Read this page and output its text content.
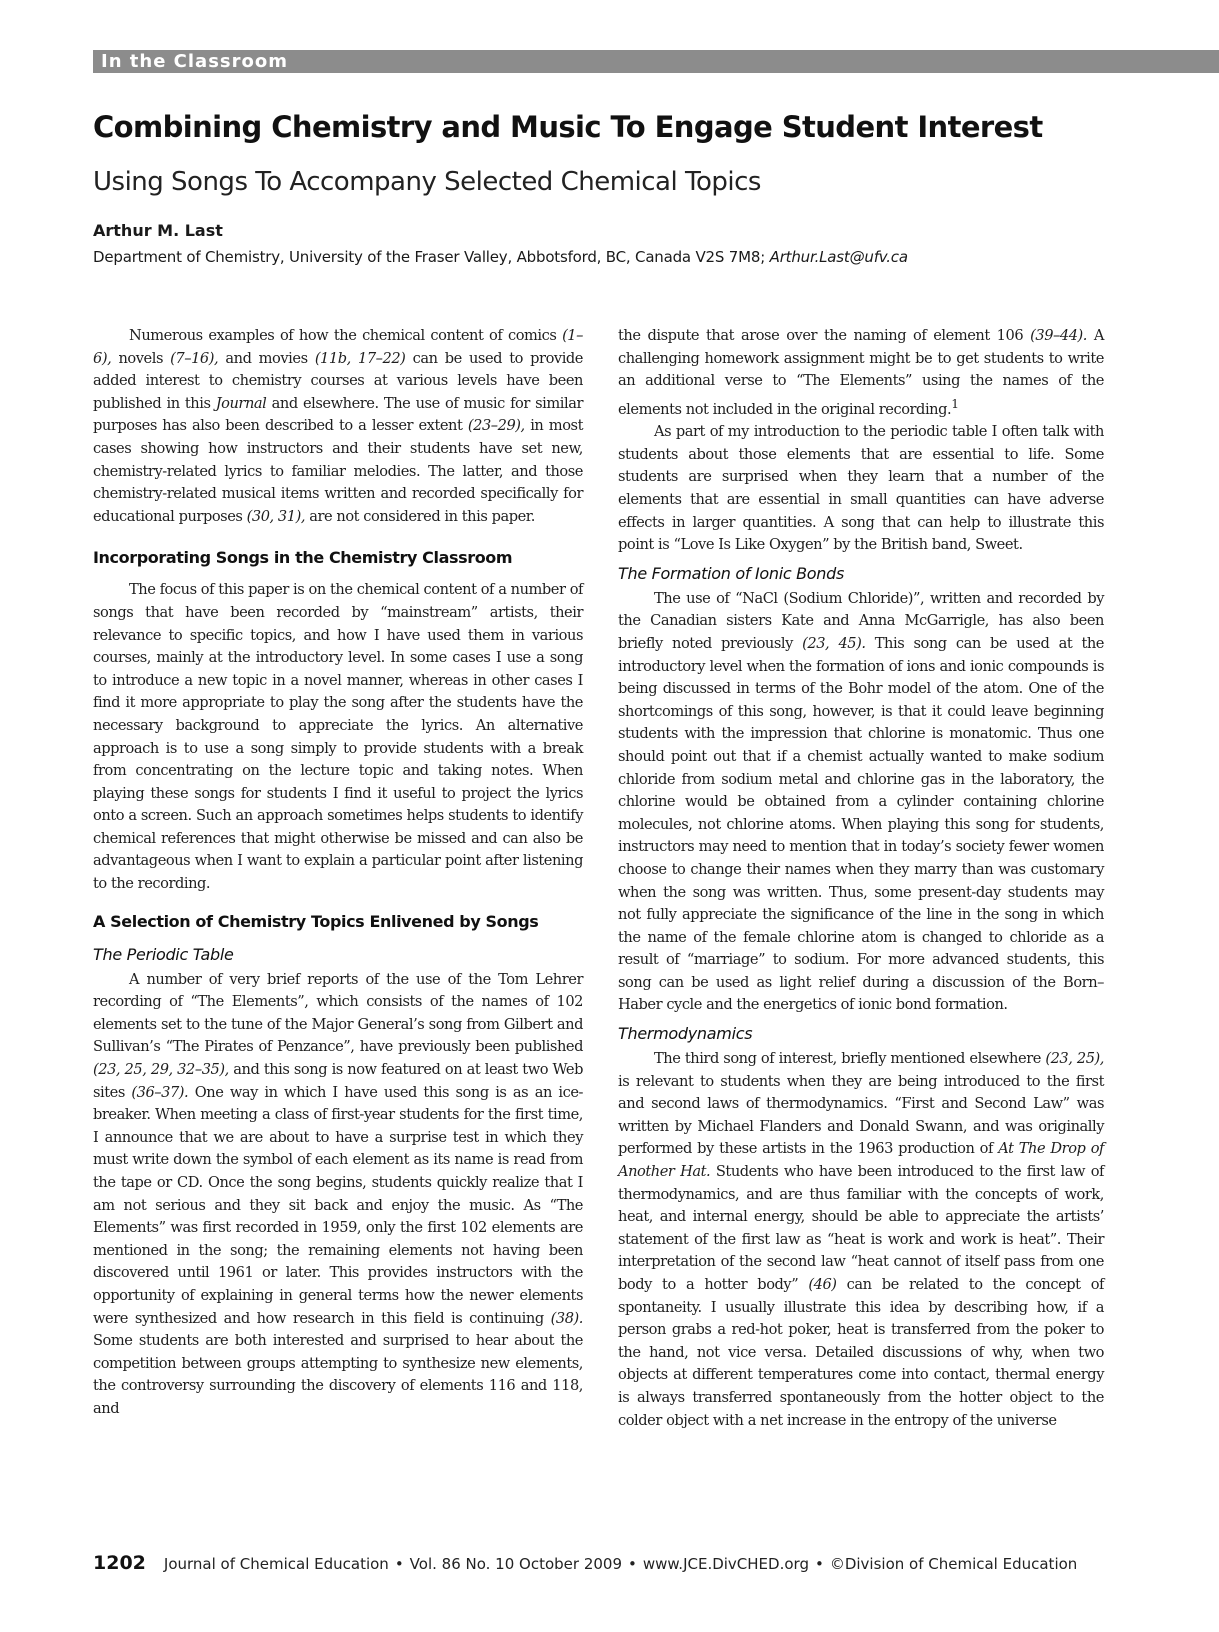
In the Classroom
Combining Chemistry and Music To Engage Student Interest
Using Songs To Accompany Selected Chemical Topics
Arthur M. Last
Department of Chemistry, University of the Fraser Valley, Abbotsford, BC, Canada V2S 7M8; Arthur.Last@ufv.ca

Numerous examples of how the chemical content of comics (1–6), novels (7–16), and movies (11b, 17–22) can be used to provide added interest to chemistry courses at various levels have been published in this Journal and elsewhere. The use of music for similar purposes has also been described to a lesser extent (23–29), in most cases showing how instructors and their students have set new, chemistry-related lyrics to familiar melodies. The latter, and those chemistry-related musical items written and recorded specifically for educational purposes (30, 31), are not considered in this paper.

Incorporating Songs in the Chemistry Classroom

The focus of this paper is on the chemical content of a number of songs that have been recorded by “mainstream” artists, their relevance to specific topics, and how I have used them in various courses, mainly at the introductory level. In some cases I use a song to introduce a new topic in a novel manner, whereas in other cases I find it more appropriate to play the song after the students have the necessary background to appreciate the lyrics. An alternative approach is to use a song simply to provide students with a break from concentrating on the lecture topic and taking notes. When playing these songs for students I find it useful to project the lyrics onto a screen. Such an approach sometimes helps students to identify chemical references that might otherwise be missed and can also be advantageous when I want to explain a particular point after listening to the recording.

A Selection of Chemistry Topics Enlivened by Songs
The Periodic Table

A number of very brief reports of the use of the Tom Lehrer recording of “The Elements”, which consists of the names of 102 elements set to the tune of the Major General’s song from Gilbert and Sullivan’s “The Pirates of Penzance”, have previously been published (23, 25, 29, 32–35), and this song is now featured on at least two Web sites (36–37). One way in which I have used this song is as an ice-breaker. When meeting a class of first-year students for the first time, I announce that we are about to have a surprise test in which they must write down the symbol of each element as its name is read from the tape or CD. Once the song begins, students quickly realize that I am not serious and they sit back and enjoy the music. As “The Elements” was first recorded in 1959, only the first 102 elements are mentioned in the song; the remaining elements not having been discovered until 1961 or later. This provides instructors with the opportunity of explaining in general terms how the newer elements were synthesized and how research in this field is continuing (38). Some students are both interested and surprised to hear about the competition between groups attempting to synthesize new elements, the controversy surrounding the discovery of elements 116 and 118, and

the dispute that arose over the naming of element 106 (39–44). A challenging homework assignment might be to get students to write an additional verse to “The Elements” using the names of the elements not included in the original recording.$^1$

As part of my introduction to the periodic table I often talk with students about those elements that are essential to life. Some students are surprised when they learn that a number of the elements that are essential in small quantities can have adverse effects in larger quantities. A song that can help to illustrate this point is “Love Is Like Oxygen” by the British band, Sweet.

The Formation of Ionic Bonds

The use of “NaCl (Sodium Chloride)”, written and recorded by the Canadian sisters Kate and Anna McGarrigle, has also been briefly noted previously (23, 45). This song can be used at the introductory level when the formation of ions and ionic compounds is being discussed in terms of the Bohr model of the atom. One of the shortcomings of this song, however, is that it could leave beginning students with the impression that chlorine is monatomic. Thus one should point out that if a chemist actually wanted to make sodium chloride from sodium metal and chlorine gas in the laboratory, the chlorine would be obtained from a cylinder containing chlorine molecules, not chlorine atoms. When playing this song for students, instructors may need to mention that in today’s society fewer women choose to change their names when they marry than was customary when the song was written. Thus, some present-day students may not fully appreciate the significance of the line in the song in which the name of the female chlorine atom is changed to chloride as a result of “marriage” to sodium. For more advanced students, this song can be used as light relief during a discussion of the Born–Haber cycle and the energetics of ionic bond formation.

Thermodynamics

The third song of interest, briefly mentioned elsewhere (23, 25), is relevant to students when they are being introduced to the first and second laws of thermodynamics. “First and Second Law” was written by Michael Flanders and Donald Swann, and was originally performed by these artists in the 1963 production of At The Drop of Another Hat. Students who have been introduced to the first law of thermodynamics, and are thus familiar with the concepts of work, heat, and internal energy, should be able to appreciate the artists’ statement of the first law as “heat is work and work is heat”. Their interpretation of the second law “heat cannot of itself pass from one body to a hotter body” (46) can be related to the concept of spontaneity. I usually illustrate this idea by describing how, if a person grabs a red-hot poker, heat is transferred from the poker to the hand, not vice versa. Detailed discussions of why, when two objects at different temperatures come into contact, thermal energy is always transferred spontaneously from the hotter object to the colder object with a net increase in the entropy of the universe

1202 Journal of Chemical Education • Vol. 86 No. 10 October 2009 • www.JCE.DivCHED.org • ©Division of Chemical Education
